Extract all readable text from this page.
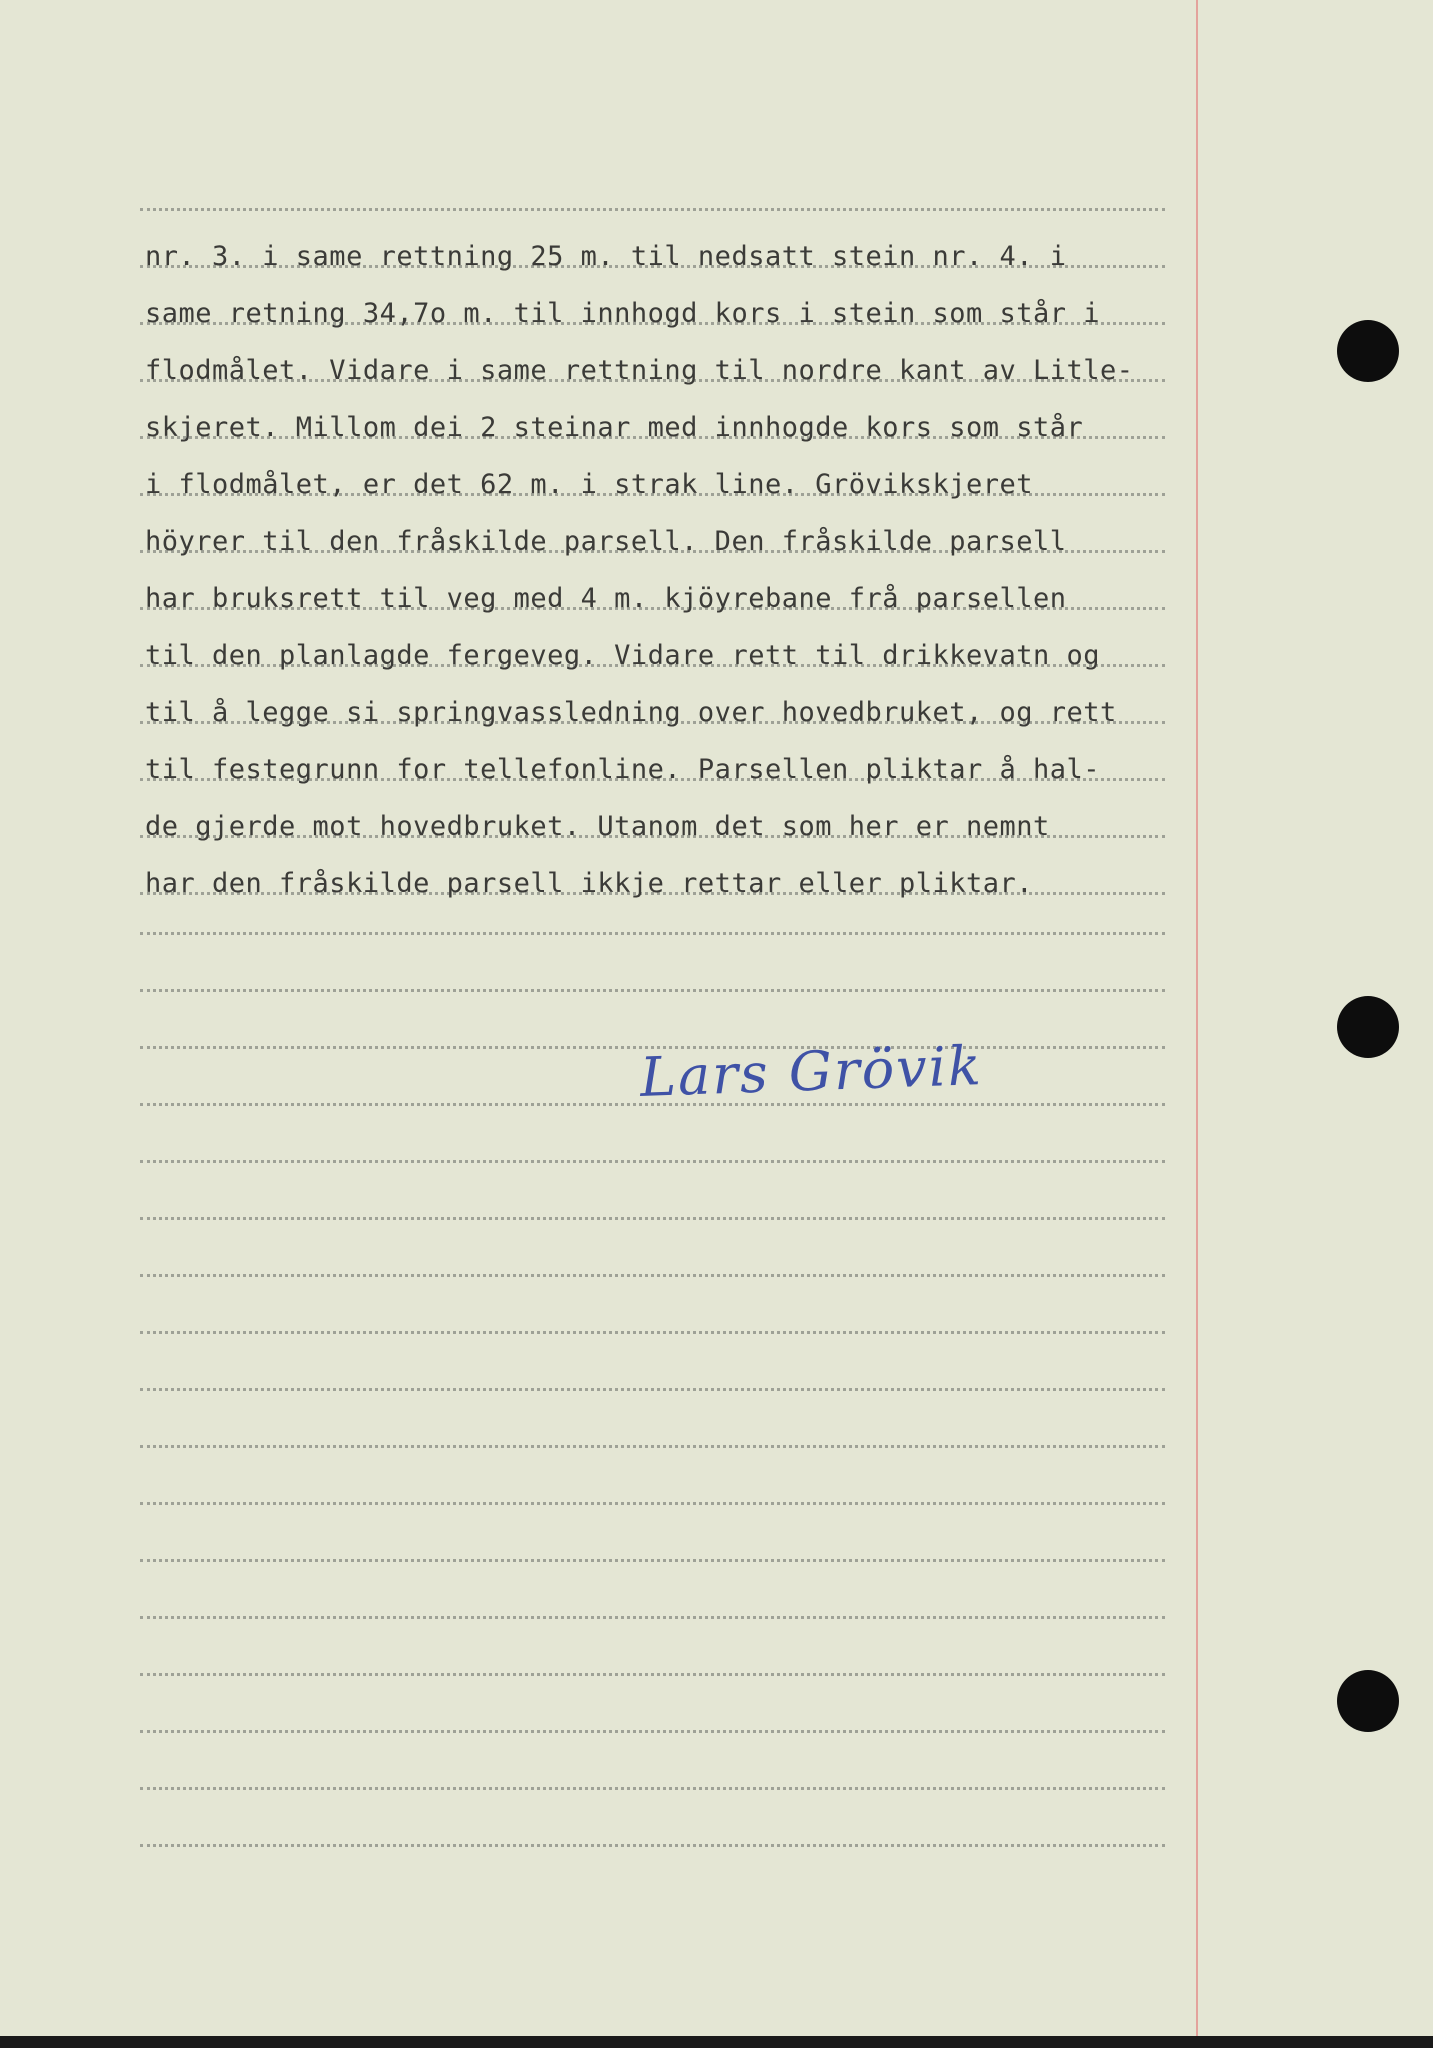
nr. 3. i same rettning 25 m. til nedsatt stein nr. 4. i
same retning 34,7o m. til innhogd kors i stein som står i
flodmålet. Vidare i same rettning til nordre kant av Litle-
skjeret. Millom dei 2 steinar med innhogde kors som står
i flodmålet, er det 62 m. i strak line. Grövikskjeret
höyrer til den fråskilde parsell. Den fråskilde parsell
har bruksrett til veg med 4 m. kjöyrebane frå parsellen
til den planlagde fergeveg. Vidare rett til drikkevatn og
til å legge si springvassledning over hovedbruket, og rett
til festegrunn for tellefonline. Parsellen pliktar å hal-
de gjerde mot hovedbruket. Utanom det som her er nemnt
har den fråskilde parsell ikkje rettar eller pliktar.
Lars Grövik
